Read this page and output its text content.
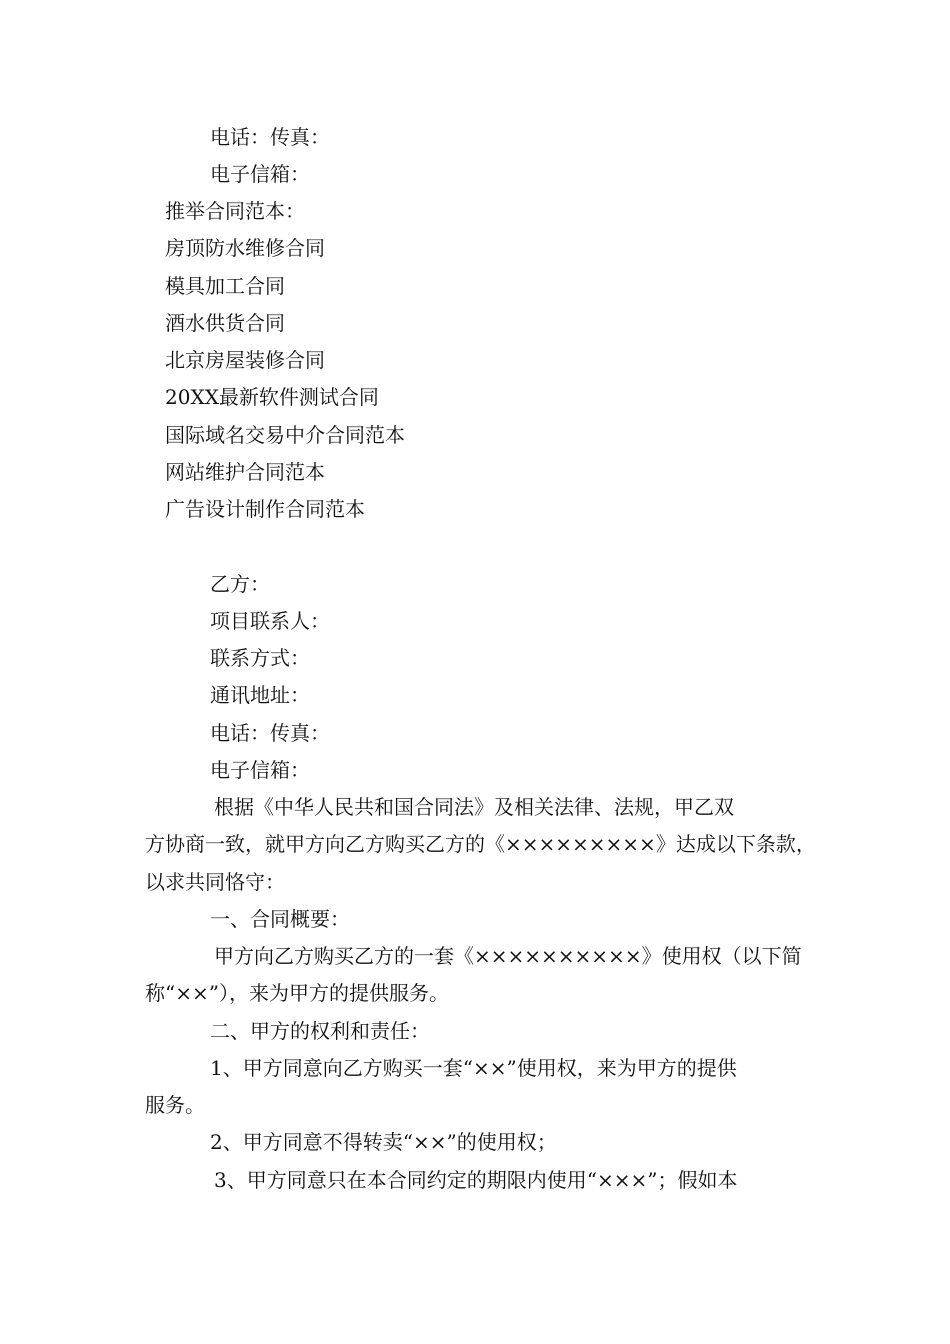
电话：传真：
电子信箱：
推举合同范本：
房顶防水维修合同
模具加工合同
酒水供货合同
北京房屋装修合同
20XX最新软件测试合同
国际域名交易中介合同范本
网站维护合同范本
广告设计制作合同范本
乙方：
项目联系人：
联系方式：
通讯地址：
电话：传真：
电子信箱：
根据《中华人民共和国合同法》及相关法律、法规，甲乙双
方协商一致，就甲方向乙方购买乙方的《×××××××××》达成以下条款，
以求共同恪守：
一、合同概要：
甲方向乙方购买乙方的一套《××××××××××》使用权（以下简
称“××”），来为甲方的提供服务。
二、甲方的权利和责任：
1、甲方同意向乙方购买一套“××”使用权，来为甲方的提供
服务。
2、甲方同意不得转卖“××”的使用权；
3、甲方同意只在本合同约定的期限内使用“×××”；假如本
